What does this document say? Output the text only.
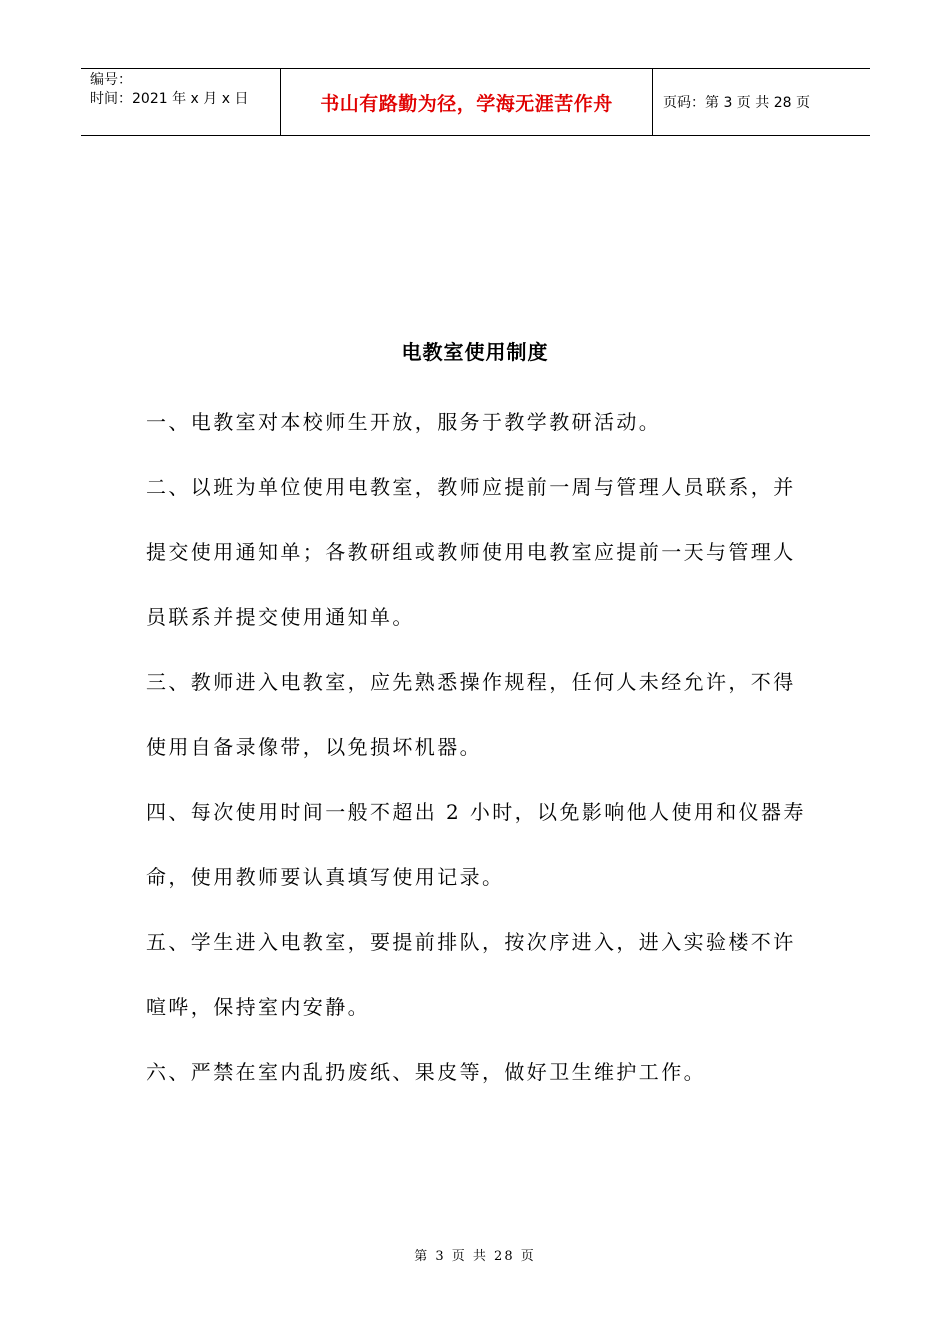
编号：
时间：2021 年 x 月 x 日	书山有路勤为径，学海无涯苦作舟	页码：第 3 页 共 28 页
电教室使用制度

一、电教室对本校师生开放，服务于教学教研活动。
二、以班为单位使用电教室，教师应提前一周与管理人员联系，并
提交使用通知单；各教研组或教师使用电教室应提前一天与管理人
员联系并提交使用通知单。
三、教师进入电教室，应先熟悉操作规程，任何人未经允许，不得
使用自备录像带，以免损坏机器。
四、每次使用时间一般不超出 2 小时，以免影响他人使用和仪器寿
命，使用教师要认真填写使用记录。
五、学生进入电教室，要提前排队，按次序进入，进入实验楼不许
喧哗，保持室内安静。
六、严禁在室内乱扔废纸、果皮等，做好卫生维护工作。

第 3 页 共 28 页
